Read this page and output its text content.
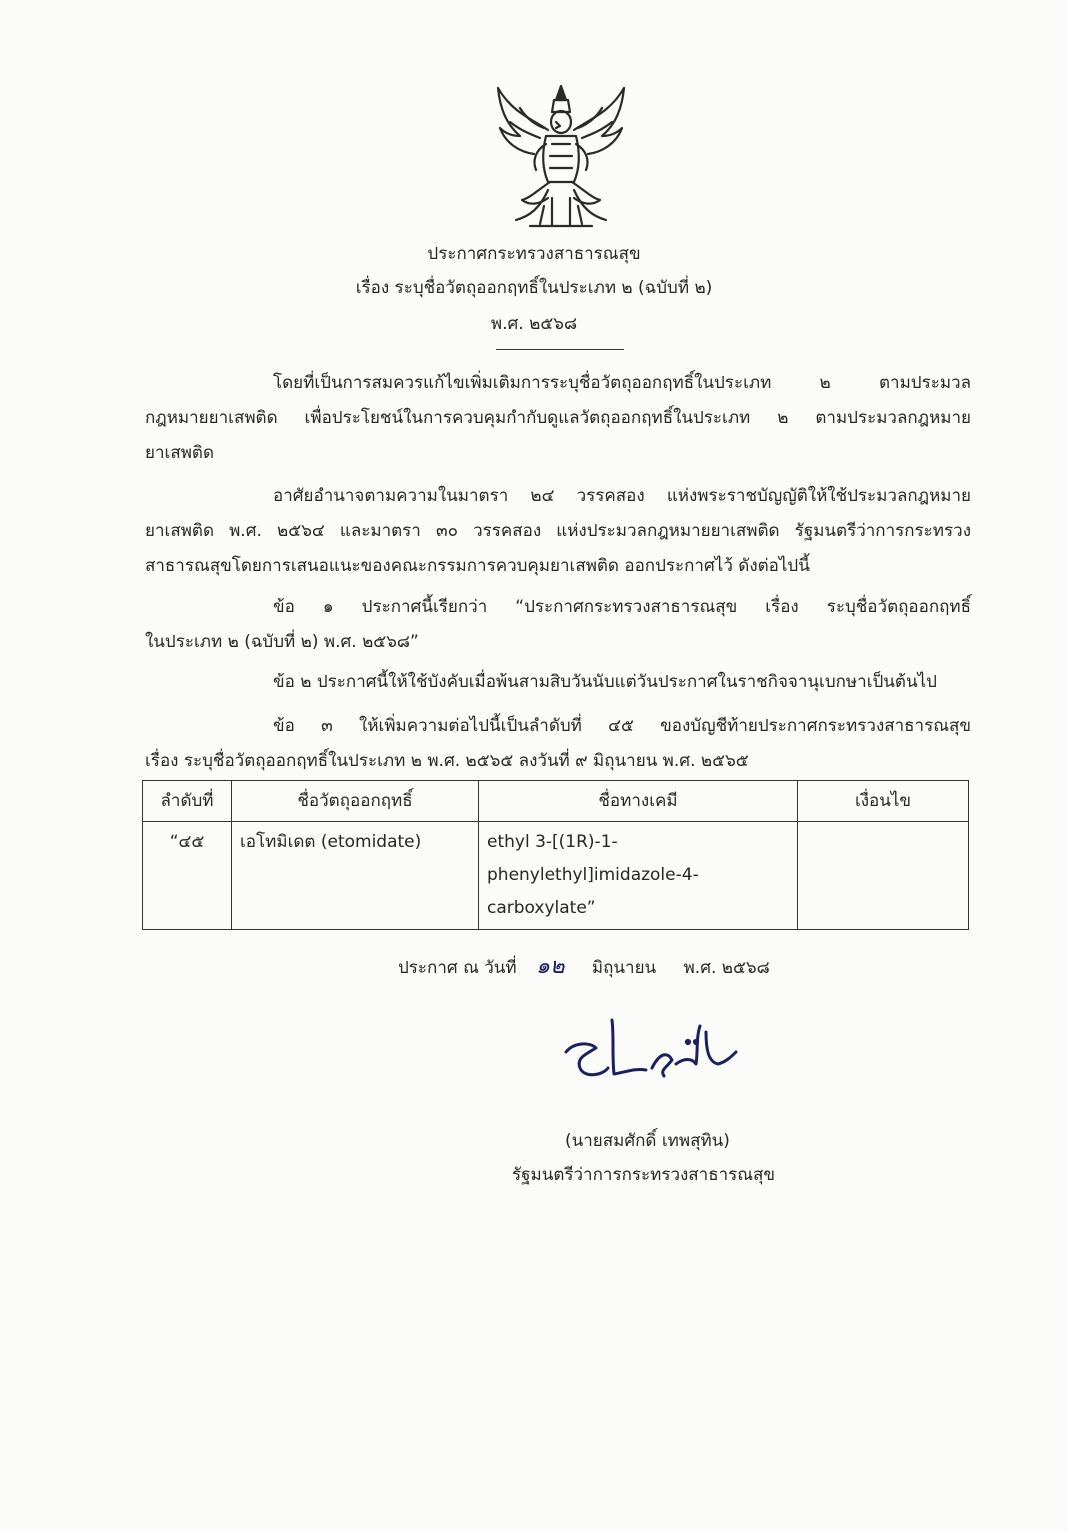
ประกาศกระทรวงสาธารณสุข
เรื่อง ระบุชื่อวัตถุออกฤทธิ์ในประเภท ๒ (ฉบับที่ ๒)
พ.ศ. ๒๕๖๘

โดยที่เป็นการสมควรแก้ไขเพิ่มเติมการระบุชื่อวัตถุออกฤทธิ์ในประเภท ๒ ตามประมวล

กฎหมายยาเสพติด เพื่อประโยชน์ในการควบคุมกำกับดูแลวัตถุออกฤทธิ์ในประเภท ๒ ตามประมวลกฎหมาย

ยาเสพติด

อาศัยอำนาจตามความในมาตรา ๒๔ วรรคสอง แห่งพระราชบัญญัติให้ใช้ประมวลกฎหมาย

ยาเสพติด พ.ศ. ๒๕๖๔ และมาตรา ๓๐ วรรคสอง แห่งประมวลกฎหมายยาเสพติด รัฐมนตรีว่าการกระทรวง

สาธารณสุขโดยการเสนอแนะของคณะกรรมการควบคุมยาเสพติด ออกประกาศไว้ ดังต่อไปนี้

ข้อ ๑ ประกาศนี้เรียกว่า “ประกาศกระทรวงสาธารณสุข เรื่อง ระบุชื่อวัตถุออกฤทธิ์

ในประเภท ๒ (ฉบับที่ ๒) พ.ศ. ๒๕๖๘”

ข้อ ๒ ประกาศนี้ให้ใช้บังคับเมื่อพ้นสามสิบวันนับแต่วันประกาศในราชกิจจานุเบกษาเป็นต้นไป

ข้อ ๓ ให้เพิ่มความต่อไปนี้เป็นลำดับที่ ๔๕ ของบัญชีท้ายประกาศกระทรวงสาธารณสุข

เรื่อง ระบุชื่อวัตถุออกฤทธิ์ในประเภท ๒ พ.ศ. ๒๕๖๕ ลงวันที่ ๙ มิถุนายน พ.ศ. ๒๕๖๕

ลำดับที่	ชื่อวัตถุออกฤทธิ์	ชื่อทางเคมี	เงื่อนไข
“๔๕	เอโทมิเดต (etomidate)	ethyl 3-[(1R)-1-
phenylethyl]imidazole-4-
carboxylate”	

ประกาศ ณ วันที่ ๑๒ มิถุนายน พ.ศ. ๒๕๖๘
(นายสมศักดิ์ เทพสุทิน)
รัฐมนตรีว่าการกระทรวงสาธารณสุข
